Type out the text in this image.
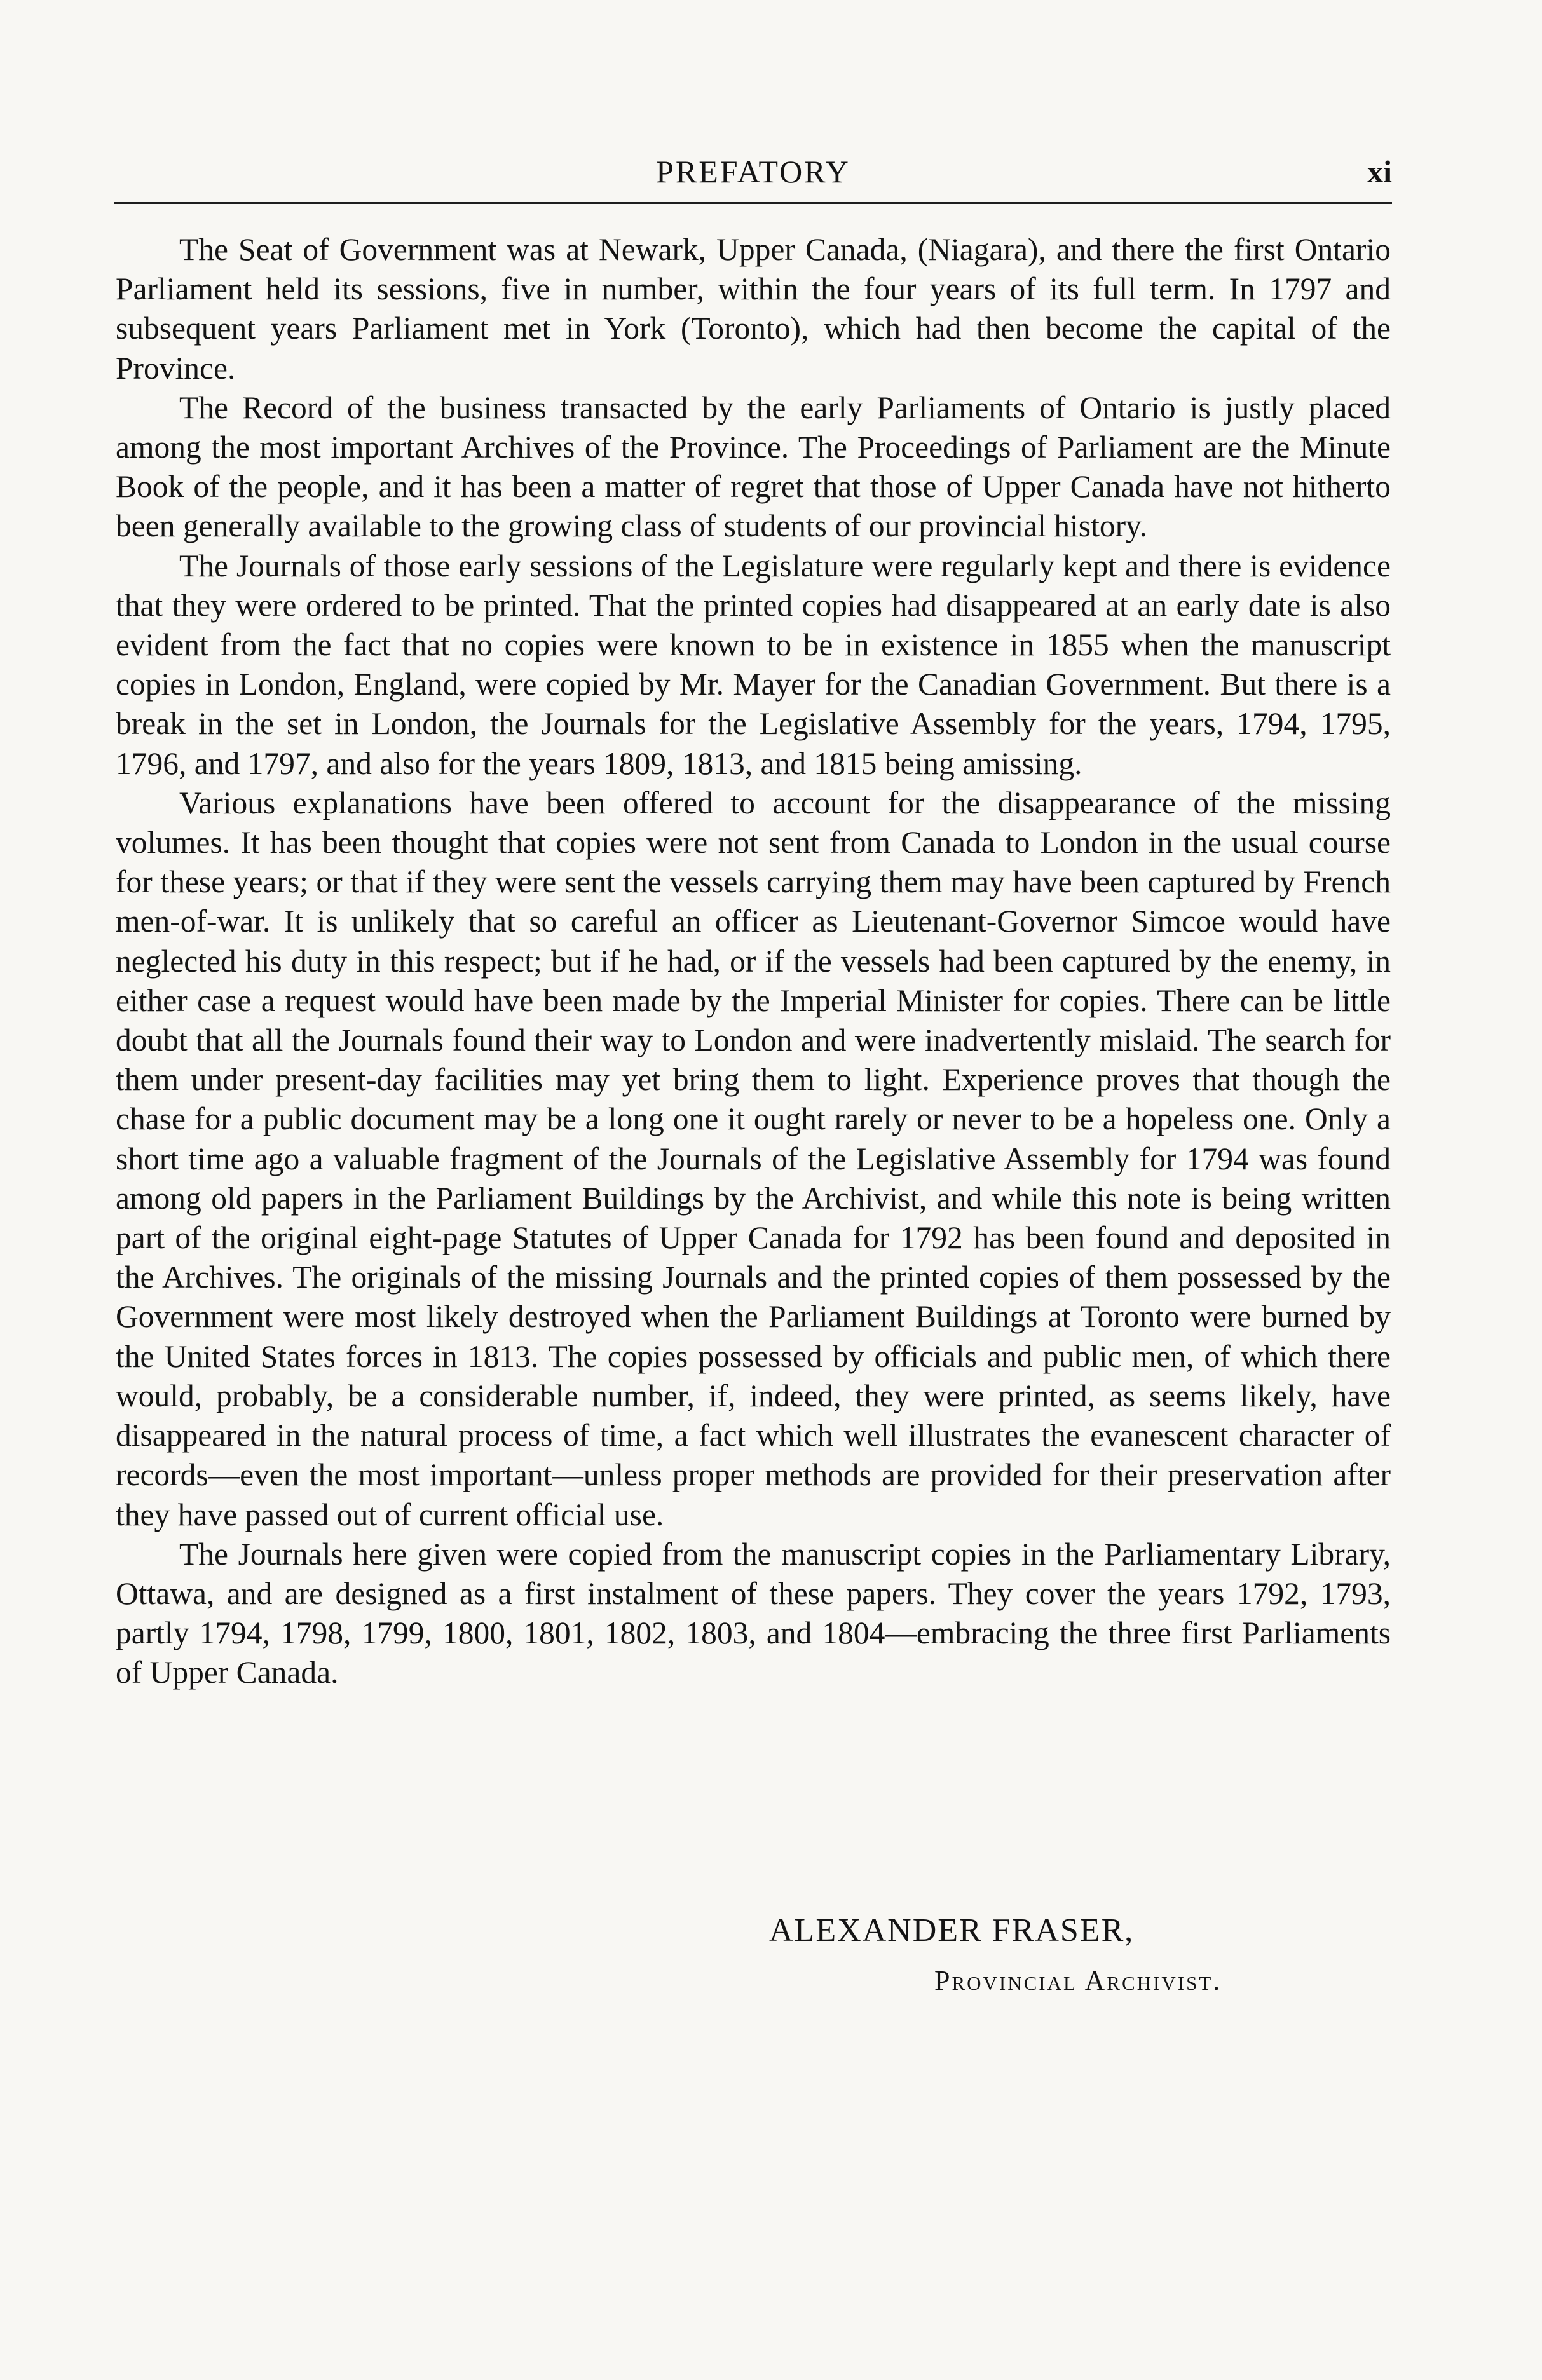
PREFATORY	xi

The Seat of Government was at Newark, Upper Canada, (Niagara), and there the first Ontario Parliament held its sessions, five in number, within the four years of its full term. In 1797 and subsequent years Parliament met in York (Toronto), which had then become the capital of the Province.

The Record of the business transacted by the early Parliaments of Ontario is justly placed among the most important Archives of the Province. The Proceedings of Parliament are the Minute Book of the people, and it has been a matter of regret that those of Upper Canada have not hitherto been generally available to the growing class of students of our provincial history.

The Journals of those early sessions of the Legislature were regularly kept and there is evidence that they were ordered to be printed. That the printed copies had disappeared at an early date is also evident from the fact that no copies were known to be in existence in 1855 when the manuscript copies in London, England, were copied by Mr. Mayer for the Canadian Government. But there is a break in the set in London, the Journals for the Legislative Assembly for the years, 1794, 1795, 1796, and 1797, and also for the years 1809, 1813, and 1815 being amissing.

Various explanations have been offered to account for the disappearance of the missing volumes. It has been thought that copies were not sent from Canada to London in the usual course for these years; or that if they were sent the vessels carrying them may have been captured by French men-of-war. It is unlikely that so careful an officer as Lieutenant-Governor Simcoe would have neglected his duty in this respect; but if he had, or if the vessels had been captured by the enemy, in either case a request would have been made by the Imperial Minister for copies. There can be little doubt that all the Journals found their way to London and were inadvertently mislaid. The search for them under present-day facilities may yet bring them to light. Experience proves that though the chase for a public document may be a long one it ought rarely or never to be a hopeless one. Only a short time ago a valuable fragment of the Journals of the Legislative Assembly for 1794 was found among old papers in the Parliament Buildings by the Archivist, and while this note is being written part of the original eight-page Statutes of Upper Canada for 1792 has been found and deposited in the Archives. The originals of the missing Journals and the printed copies of them possessed by the Government were most likely destroyed when the Parliament Buildings at Toronto were burned by the United States forces in 1813. The copies possessed by officials and public men, of which there would, probably, be a considerable number, if, indeed, they were printed, as seems likely, have disappeared in the natural process of time, a fact which well illustrates the evanescent character of records—even the most important—unless proper methods are provided for their preservation after they have passed out of current official use.

The Journals here given were copied from the manuscript copies in the Parliamentary Library, Ottawa, and are designed as a first instalment of these papers. They cover the years 1792, 1793, partly 1794, 1798, 1799, 1800, 1801, 1802, 1803, and 1804—embracing the three first Parliaments of Upper Canada.

ALEXANDER FRASER,
Provincial Archivist.
